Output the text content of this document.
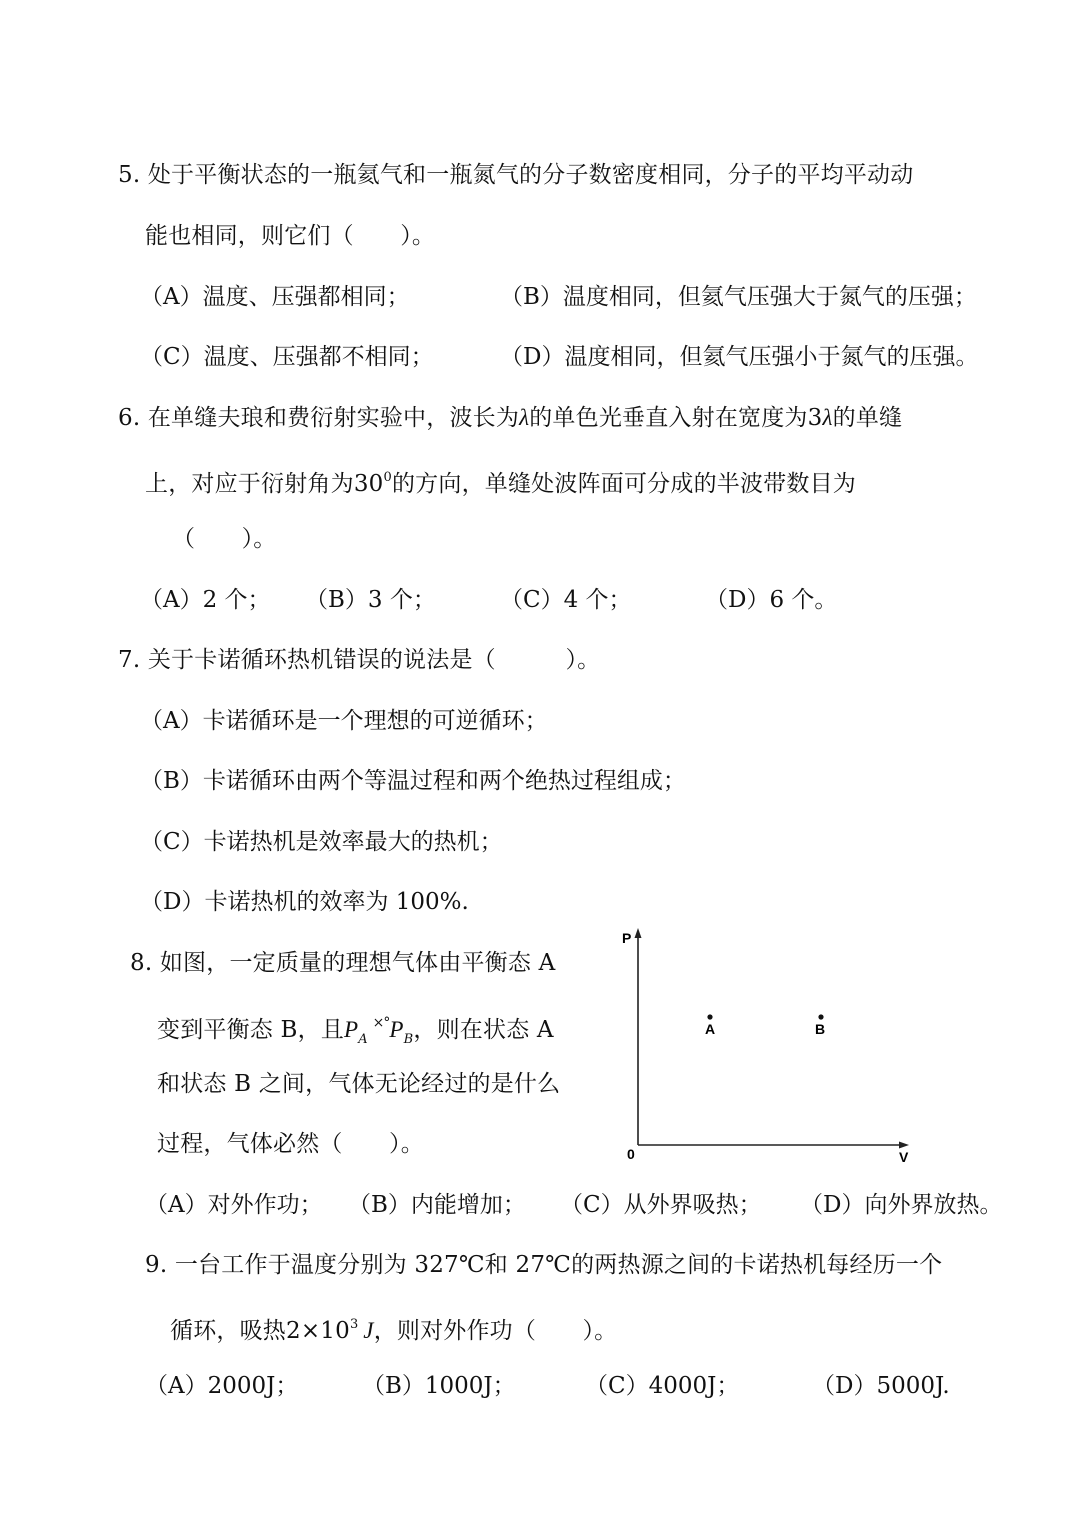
5. 处于平衡状态的一瓶氦气和一瓶氮气的分子数密度相同，分子的平均平动动
能也相同，则它们（　　）。
（A）温度、压强都相同；	（B）温度相同，但氦气压强大于氮气的压强；
（C）温度、压强都不相同；	（D）温度相同，但氦气压强小于氮气的压强。
6. 在单缝夫琅和费衍射实验中，波长为λ的单色光垂直入射在宽度为3λ的单缝
上，对应于衍射角为$30^0$的方向，单缝处波阵面可分成的半波带数目为
（　　）。
（A）2 个； （B）3 个；	（C）4 个；	（D）6 个。
7. 关于卡诺循环热机错误的说法是（　　　）。
（A）卡诺循环是一个理想的可逆循环；
（B）卡诺循环由两个等温过程和两个绝热过程组成；
（C）卡诺热机是效率最大的热机；
（D）卡诺热机的效率为 100%.
8. 如图，一定质量的理想气体由平衡态 A
变到平衡态 B，且$P_A$ $^{\times^\circ}P_B$，则在状态 A
和状态 B 之间，气体无论经过的是什么
过程，气体必然（　　）。
P
V
0
A	B
（A）对外作功； （B）内能增加； （C）从外界吸热； （D）向外界放热。
9. 一台工作于温度分别为 327℃和 27℃的两热源之间的卡诺热机每经历一个
循环，吸热$2\times 10^3$  J，则对外作功（　　）。
（A）2000J；	（B）1000J；	（C）4000J；	（D）5000J.
